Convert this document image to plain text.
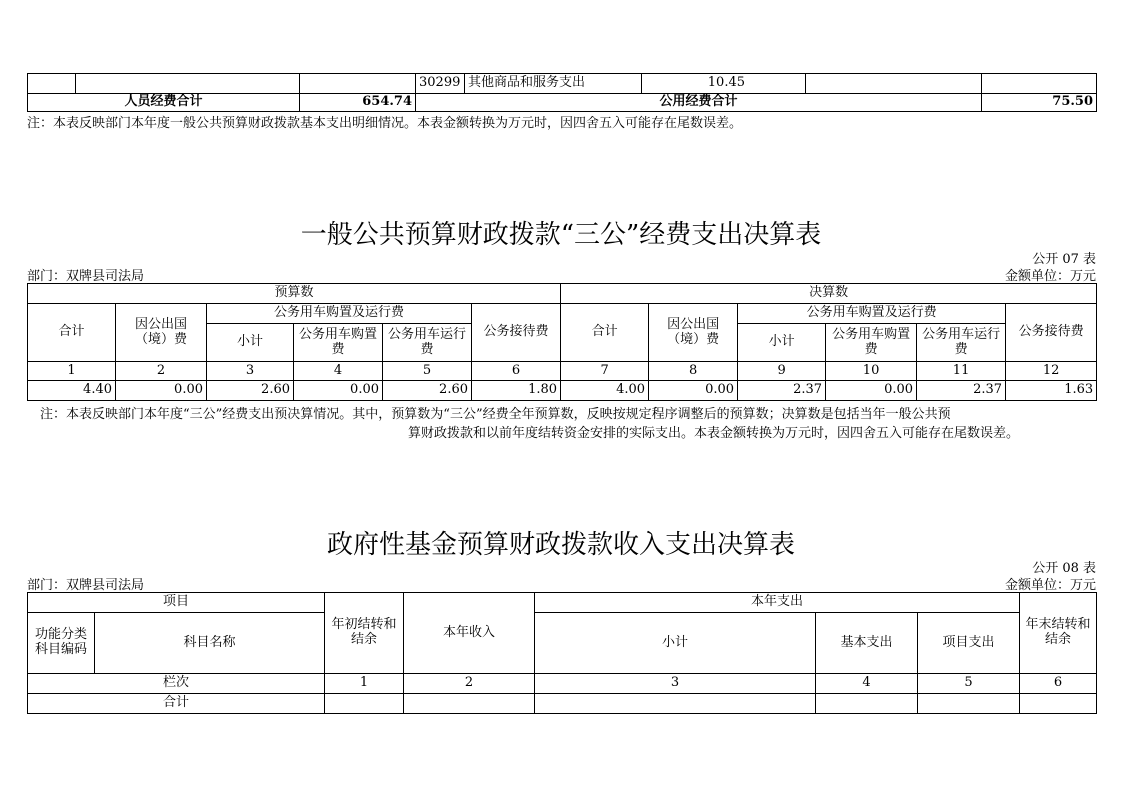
			30299	其他商品和服务支出	10.45		
人员经费合计		654.74	公用经费合计				75.50
注：本表反映部门本年度一般公共预算财政拨款基本支出明细情况。本表金额转换为万元时，因四舍五入可能存在尾数误差。
一般公共预算财政拨款“三公”经费支出决算表
公开 07 表
部门：双牌县司法局	金额单位：万元
预算数						决算数					
合计	因公出国（境）费	公务用车购置及运行费			公务接待费	合计	因公出国（境）费	公务用车购置及运行费			公务接待费
		小计	公务用车购置费	公务用车运行费				小计	公务用车购置费	公务用车运行费	
1	2	3	4	5	6	7	8	9	10	11	12
4.40	0.00	2.60	0.00	2.60	1.80	4.00	0.00	2.37	0.00	2.37	1.63
注：本表反映部门本年度“三公”经费支出预决算情况。其中，预算数为“三公”经费全年预算数，反映按规定程序调整后的预算数；决算数是包括当年一般公共预
算财政拨款和以前年度结转资金安排的实际支出。本表金额转换为万元时，因四舍五入可能存在尾数误差。
政府性基金预算财政拨款收入支出决算表
公开 08 表
部门：双牌县司法局	金额单位：万元
项目		年初结转和结余	本年收入	本年支出			年末结转和结余
功能分类科目编码	科目名称			小计	基本支出	项目支出	
栏次		1	2	3	4	5	6
合计							
